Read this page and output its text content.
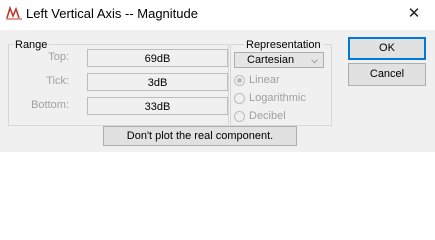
Left Vertical Axis -- Magnitude	✕
Top:	69dB
Tick:	3dB
Bottom:	33dB
Range	Representation
Cartesian ⌵
Linear
Logarithmic
Decibel
OK
Cancel
Don't plot the real component.
